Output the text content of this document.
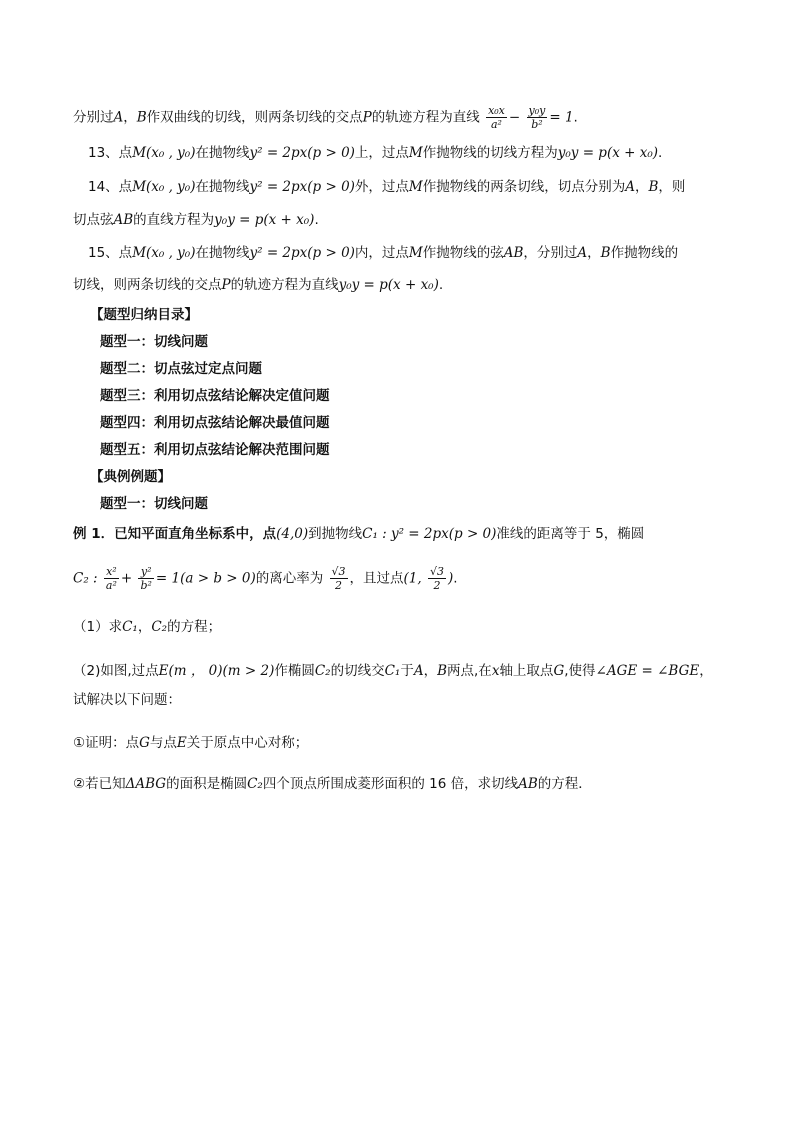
分别过A，B作双曲线的切线，则两条切线的交点P的轨迹方程为直线 $\frac{\text{x₀x}}{\text{a²}} - \frac{\text{y₀y}}{\text{b²}} = 1$.
13、点M(x₀ , y₀)在抛物线y² = 2px(p > 0)上，过点M作抛物线的切线方程为y₀y = p(x + x₀).
14、点M(x₀ , y₀)在抛物线y² = 2px(p > 0)外，过点M作抛物线的两条切线，切点分别为A，B，则
切点弦AB的直线方程为y₀y = p(x + x₀).
15、点M(x₀ , y₀)在抛物线y² = 2px(p > 0)内，过点M作抛物线的弦AB，分别过A，B作抛物线的
切线，则两条切线的交点P的轨迹方程为直线y₀y = p(x + x₀).
【题型归纳目录】
题型一：切线问题
题型二：切点弦过定点问题
题型三：利用切点弦结论解决定值问题
题型四：利用切点弦结论解决最值问题
题型五：利用切点弦结论解决范围问题
【典例例题】
题型一：切线问题
例 1．已知平面直角坐标系中，点(4,0)到抛物线C₁ : y² = 2px(p > 0)准线的距离等于 5，椭圆
C₂ : $\frac{\text{x²}}{\text{a²}} + \frac{\text{y²}}{\text{b²}} = 1(a > b > 0)$的离心率为 $\frac{√3}{2}$ ，且过点(1, $\frac{√3}{2}$ ).
（1）求C₁，C₂的方程；
（2)如图,过点E(m ， 0)(m > 2)作椭圆C₂的切线交C₁于A，B两点,在x轴上取点G,使得∠AGE = ∠BGE，
试解决以下问题：
①证明：点G与点E关于原点中心对称；
②若已知ΔABG的面积是椭圆C₂四个顶点所围成菱形面积的 16 倍，求切线AB的方程．
